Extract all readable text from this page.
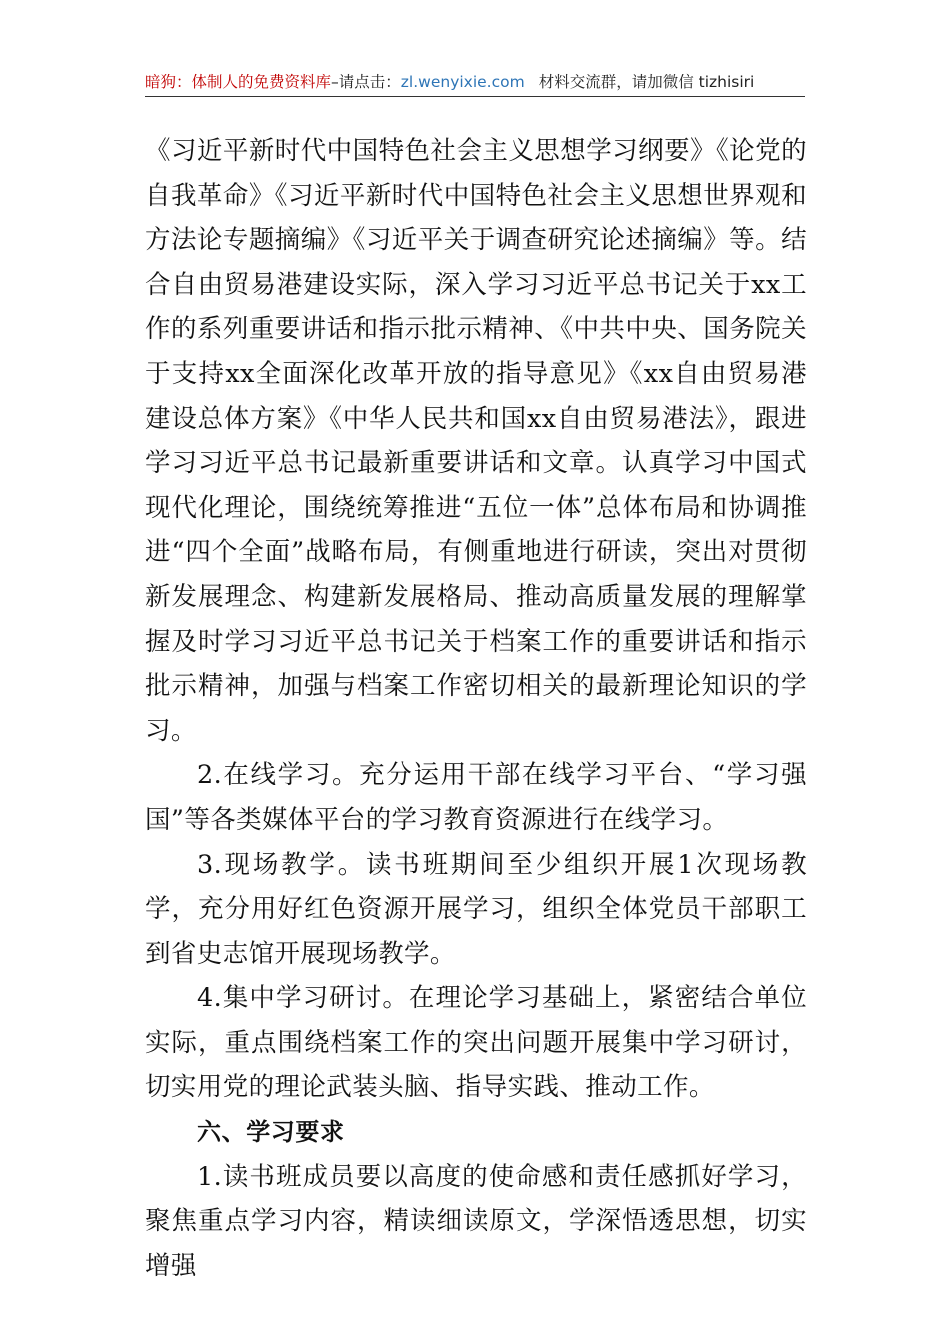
暗狗：体制人的免费资料库–请点击：zl.wenyixie.com 材料交流群，请加微信 tizhisiri

《习近平新时代中国特色社会主义思想学习纲要》《论党的自我革命》《习近平新时代中国特色社会主义思想世界观和方法论专题摘编》《习近平关于调查研究论述摘编》等。结合自由贸易港建设实际，深入学习习近平总书记关于xx工作的系列重要讲话和指示批示精神、《中共中央、国务院关于支持xx全面深化改革开放的指导意见》《xx自由贸易港建设总体方案》《中华人民共和国xx自由贸易港法》，跟进学习习近平总书记最新重要讲话和文章。认真学习中国式现代化理论，围绕统筹推进“五位一体”总体布局和协调推进“四个全面”战略布局，有侧重地进行研读，突出对贯彻新发展理念、构建新发展格局、推动高质量发展的理解掌握及时学习习近平总书记关于档案工作的重要讲话和指示批示精神，加强与档案工作密切相关的最新理论知识的学习。

2.在线学习。充分运用干部在线学习平台、“学习强国”等各类媒体平台的学习教育资源进行在线学习。

3.现场教学。读书班期间至少组织开展1次现场教学，充分用好红色资源开展学习，组织全体党员干部职工到省史志馆开展现场教学。

4.集中学习研讨。在理论学习基础上，紧密结合单位实际，重点围绕档案工作的突出问题开展集中学习研讨，切实用党的理论武装头脑、指导实践、推动工作。

六、学习要求

1.读书班成员要以高度的使命感和责任感抓好学习，聚焦重点学习内容，精读细读原文，学深悟透思想，切实增强
